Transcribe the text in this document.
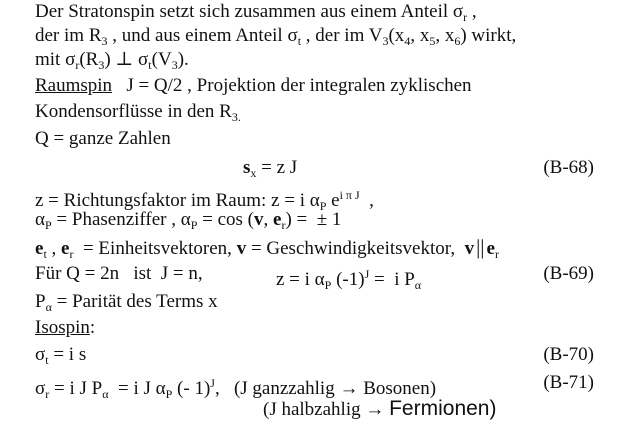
Der Stratonspin setzt sich zusammen aus einem Anteil $\sigma_r$ ,
der im $R_3$ , und aus einem Anteil $\sigma_t$ , der im $V_3(x_4$, $x_5$, $x_6$) wirkt,
mit $\sigma_r(R_3)$ ⊥ $\sigma_t(V_3)$.
Raumspin   J = Q/2 , Projektion der integralen zyklischen
Kondensorflüsse in den $R_{3.}$
Q = ganze Zahlen
$s_x = z$ J	(B-68)
z = Richtungsfaktor im Raum: z = i $\alpha_P$ $e^{i \pi J}$  ,
$\alpha_P$ = Phasenziffer , $\alpha_P = \cos (v$, $e_r$) =  ± 1
$e_t$ , $e_r$  = Einheitsvektoren, v = Geschwindigkeitsvektor,  v|| $e_r$
Für Q = 2n   ist  J = n,	z = i $\alpha_P$ $(-1)^J = i$ $P_\alpha$
(B-69)
$P_\alpha$ = Parität des Terms x
Isospin:
$\sigma_t = i$ s	(B-70)
$\sigma_r = i$ J $P_\alpha = i$ J $\alpha_P$ (- 1)$^J$,   (J ganzzahlig → Bosonen)	(B-71)
(J halbzahlig → Fermionen)
